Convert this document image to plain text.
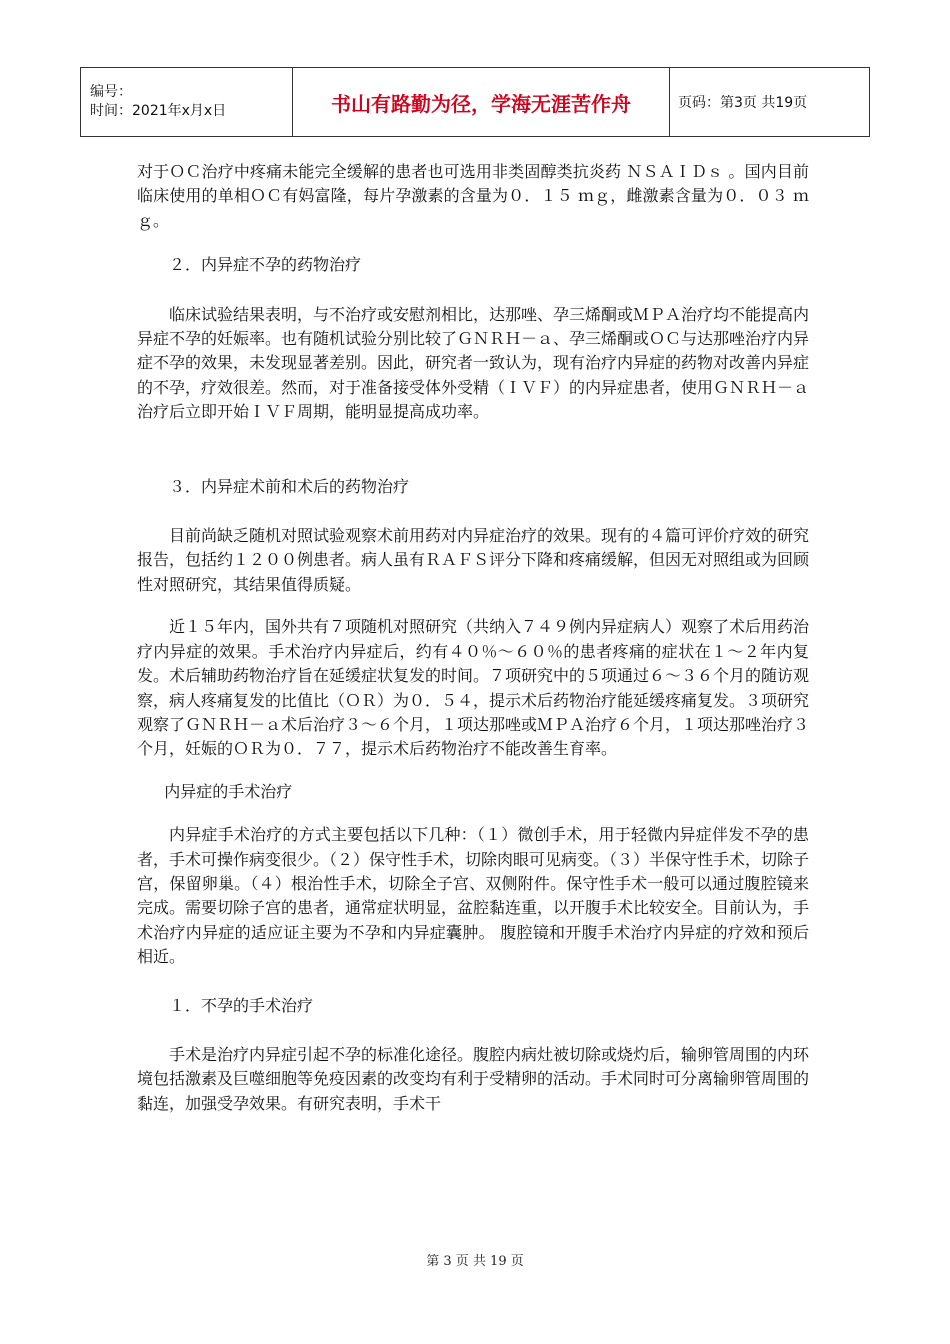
编号：
时间：2021年x月x日	书山有路勤为径，学海无涯苦作舟	页码：第3页 共19页

对于ＯＣ治疗中疼痛未能完全缓解的患者也可选用非类固醇类抗炎药 ＮＳＡＩＤｓ 。国内目前临床使用的单相ＯＣ有妈富隆，每片孕激素的含量为０．１５ ｍｇ，雌激素含量为０．０３ ｍｇ。

２．内异症不孕的药物治疗

临床试验结果表明，与不治疗或安慰剂相比，达那唑、孕三烯酮或ＭＰＡ治疗均不能提高内异症不孕的妊娠率。也有随机试验分别比较了ＧＮＲＨ－ａ、孕三烯酮或ＯＣ与达那唑治疗内异症不孕的效果，未发现显著差别。因此，研究者一致认为，现有治疗内异症的药物对改善内异症的不孕，疗效很差。然而，对于准备接受体外受精（ＩＶＦ）的内异症患者，使用ＧＮＲＨ－ａ治疗后立即开始ＩＶＦ周期，能明显提高成功率。

３．内异症术前和术后的药物治疗

目前尚缺乏随机对照试验观察术前用药对内异症治疗的效果。现有的４篇可评价疗效的研究报告，包括约１２００例患者。病人虽有ＲＡＦＳ评分下降和疼痛缓解，但因无对照组或为回顾性对照研究，其结果值得质疑。

近１５年内，国外共有７项随机对照研究（共纳入７４９例内异症病人）观察了术后用药治疗内异症的效果。手术治疗内异症后，约有４０％～６０％的患者疼痛的症状在１～２年内复发。术后辅助药物治疗旨在延缓症状复发的时间。７项研究中的５项通过６～３６个月的随访观察，病人疼痛复发的比值比（ＯＲ）为０．５４，提示术后药物治疗能延缓疼痛复发。３项研究观察了ＧＮＲＨ－ａ术后治疗３～６个月，１项达那唑或ＭＰＡ治疗６个月，１项达那唑治疗３个月，妊娠的ＯＲ为０．７７，提示术后药物治疗不能改善生育率。

内异症的手术治疗

内异症手术治疗的方式主要包括以下几种：（１）微创手术，用于轻微内异症伴发不孕的患者，手术可操作病变很少。（２）保守性手术，切除肉眼可见病变。（３）半保守性手术，切除子宫，保留卵巢。（４）根治性手术，切除全子宫、双侧附件。保守性手术一般可以通过腹腔镜来完成。需要切除子宫的患者，通常症状明显，盆腔黏连重，以开腹手术比较安全。目前认为，手术治疗内异症的适应证主要为不孕和内异症囊肿。 腹腔镜和开腹手术治疗内异症的疗效和预后相近。

１．不孕的手术治疗

手术是治疗内异症引起不孕的标准化途径。腹腔内病灶被切除或烧灼后，输卵管周围的内环境包括激素及巨噬细胞等免疫因素的改变均有利于受精卵的活动。手术同时可分离输卵管周围的黏连，加强受孕效果。有研究表明，手术干

第 3 页 共 19 页
